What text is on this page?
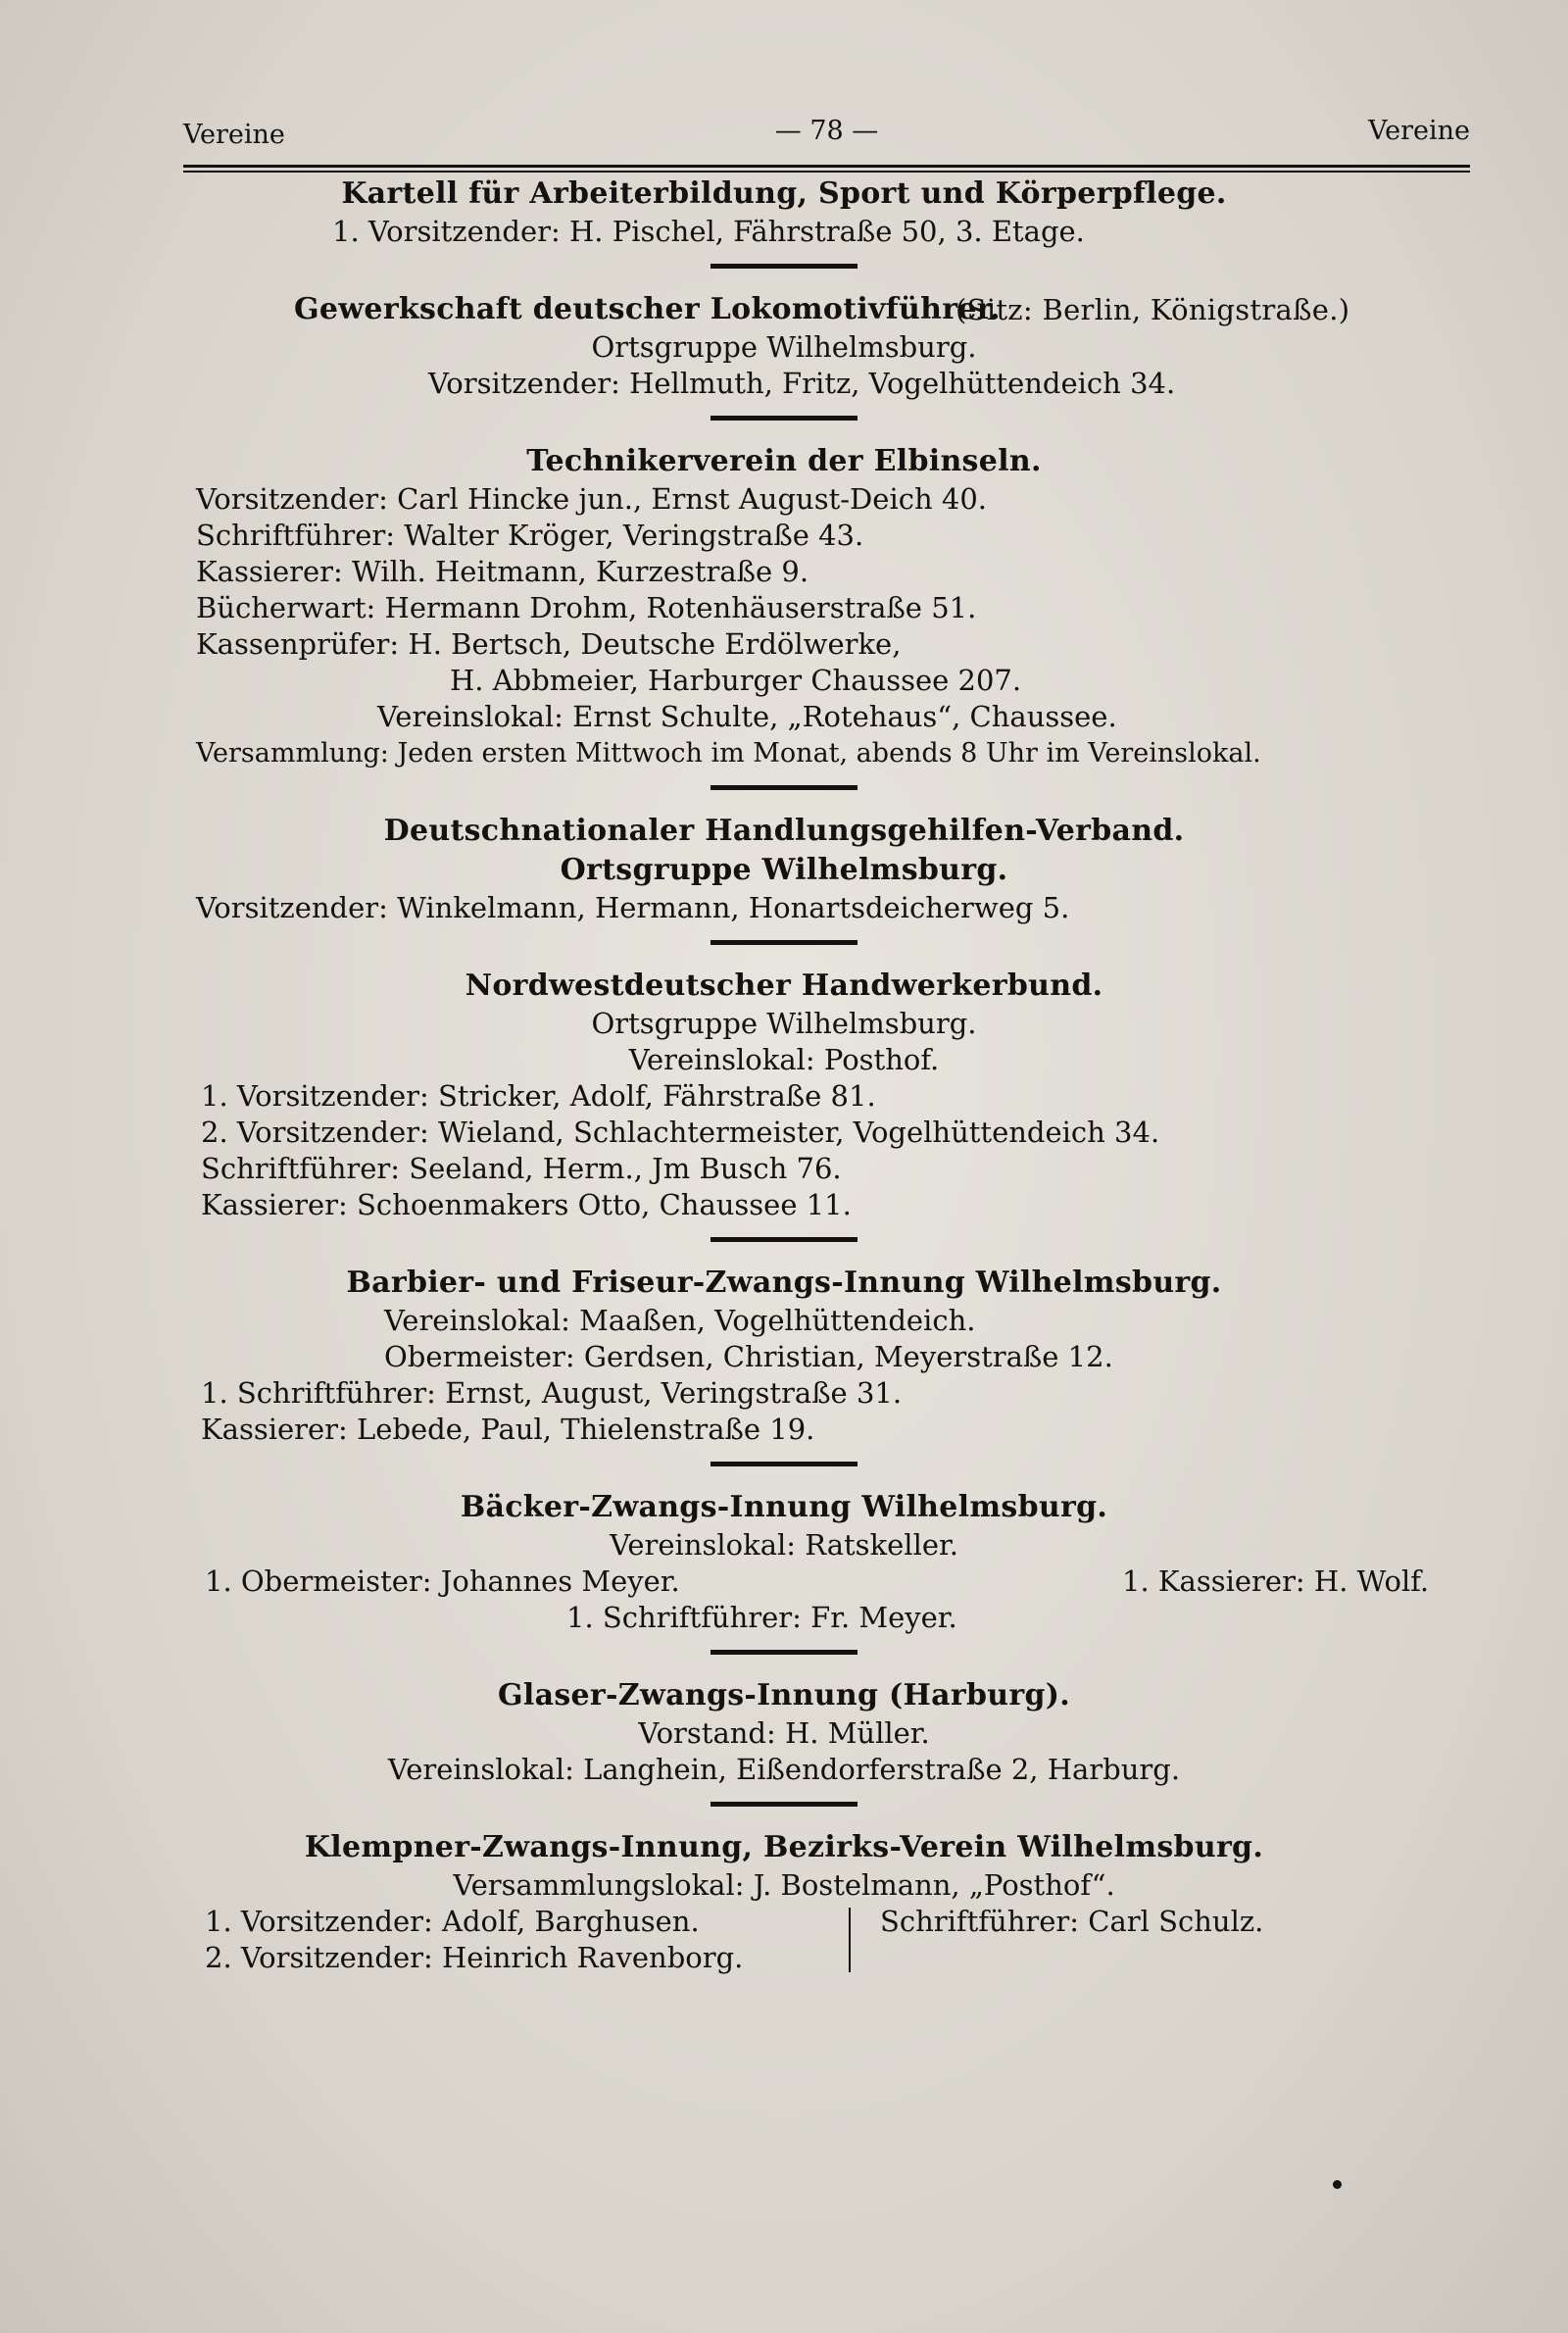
Vereine	— 78 —	Vereine
Kartell für Arbeiterbildung, Sport und Körperpflege.
1. Vorsitzender: H. Pischel, Fährstraße 50, 3. Etage.
Gewerkschaft deutscher Lokomotivführer.
(Sitz: Berlin, Königstraße.)
Ortsgruppe Wilhelmsburg.
Vorsitzender: Hellmuth, Fritz, Vogelhüttendeich 34.
Technikerverein der Elbinseln.
Vorsitzender: Carl Hincke jun., Ernst August-Deich 40.
Schriftführer: Walter Kröger, Veringstraße 43.
Kassierer: Wilh. Heitmann, Kurzestraße 9.
Bücherwart: Hermann Drohm, Rotenhäuserstraße 51.
Kassenprüfer: H. Bertsch, Deutsche Erdölwerke,
H. Abbmeier, Harburger Chaussee 207.
Vereinslokal: Ernst Schulte, „Rotehaus“, Chaussee.
Versammlung: Jeden ersten Mittwoch im Monat, abends 8 Uhr im Vereinslokal.
Deutschnationaler Handlungsgehilfen-Verband.
Ortsgruppe Wilhelmsburg.
Vorsitzender: Winkelmann, Hermann, Honartsdeicherweg 5.
Nordwestdeutscher Handwerkerbund.
Ortsgruppe Wilhelmsburg.
Vereinslokal: Posthof.
1. Vorsitzender: Stricker, Adolf, Fährstraße 81.
2. Vorsitzender: Wieland, Schlachtermeister, Vogelhüttendeich 34.
Schriftführer: Seeland, Herm., Jm Busch 76.
Kassierer: Schoenmakers Otto, Chaussee 11.
Barbier- und Friseur-Zwangs-Innung Wilhelmsburg.
Vereinslokal: Maaßen, Vogelhüttendeich.
Obermeister: Gerdsen, Christian, Meyerstraße 12.
1. Schriftführer: Ernst, August, Veringstraße 31.
Kassierer: Lebede, Paul, Thielenstraße 19.
Bäcker-Zwangs-Innung Wilhelmsburg.
Vereinslokal: Ratskeller.
1. Obermeister: Johannes Meyer.	1. Kassierer: H. Wolf.
1. Schriftführer: Fr. Meyer.
Glaser-Zwangs-Innung (Harburg).
Vorstand: H. Müller.
Vereinslokal: Langhein, Eißendorferstraße 2, Harburg.
Klempner-Zwangs-Innung, Bezirks-Verein Wilhelmsburg.
Versammlungslokal: J. Bostelmann, „Posthof“.
1. Vorsitzender: Adolf, Barghusen.
2. Vorsitzender: Heinrich Ravenborg.
Schriftführer: Carl Schulz.
